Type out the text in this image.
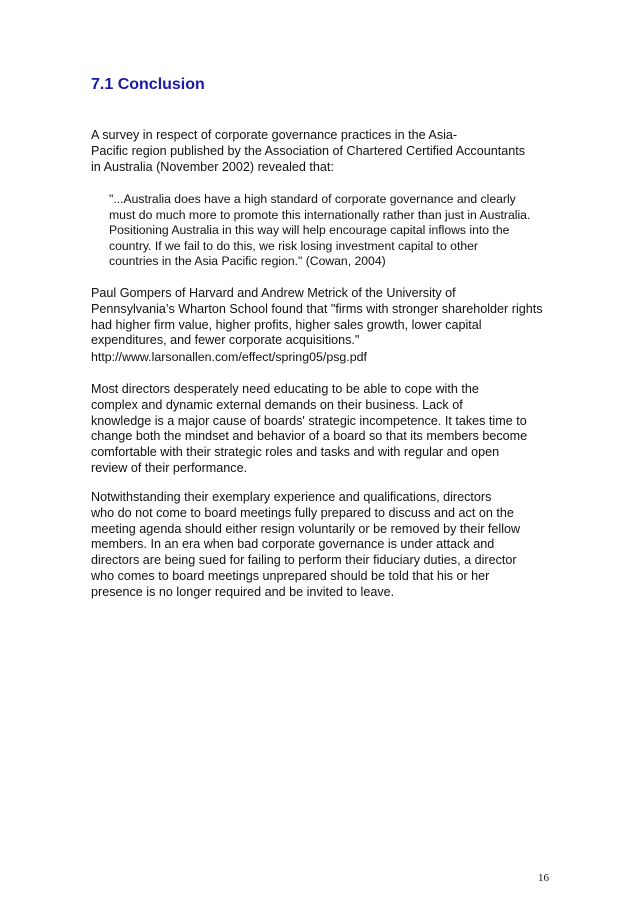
7.1 Conclusion

A survey in respect of corporate governance practices in the Asia-
Pacific region published by the Association of Chartered Certified Accountants
in Australia (November 2002) revealed that:

"...Australia does have a high standard of corporate governance and clearly
must do much more to promote this internationally rather than just in Australia.
Positioning Australia in this way will help encourage capital inflows into the
country. If we fail to do this, we risk losing investment capital to other
countries in the Asia Pacific region." (Cowan, 2004)

Paul Gompers of Harvard and Andrew Metrick of the University of
Pennsylvania’s Wharton School found that "firms with stronger shareholder rights
had higher firm value, higher profits, higher sales growth, lower capital
expenditures, and fewer corporate acquisitions."

http://www.larsonallen.com/effect/spring05/psg.pdf

Most directors desperately need educating to be able to cope with the
complex and dynamic external demands on their business. Lack of
knowledge is a major cause of boards' strategic incompetence. It takes time to
change both the mindset and behavior of a board so that its members become
comfortable with their strategic roles and tasks and with regular and open
review of their performance.

Notwithstanding their exemplary experience and qualifications, directors
who do not come to board meetings fully prepared to discuss and act on the
meeting agenda should either resign voluntarily or be removed by their fellow
members. In an era when bad corporate governance is under attack and
directors are being sued for failing to perform their fiduciary duties, a director
who comes to board meetings unprepared should be told that his or her
presence is no longer required and be invited to leave.

16
